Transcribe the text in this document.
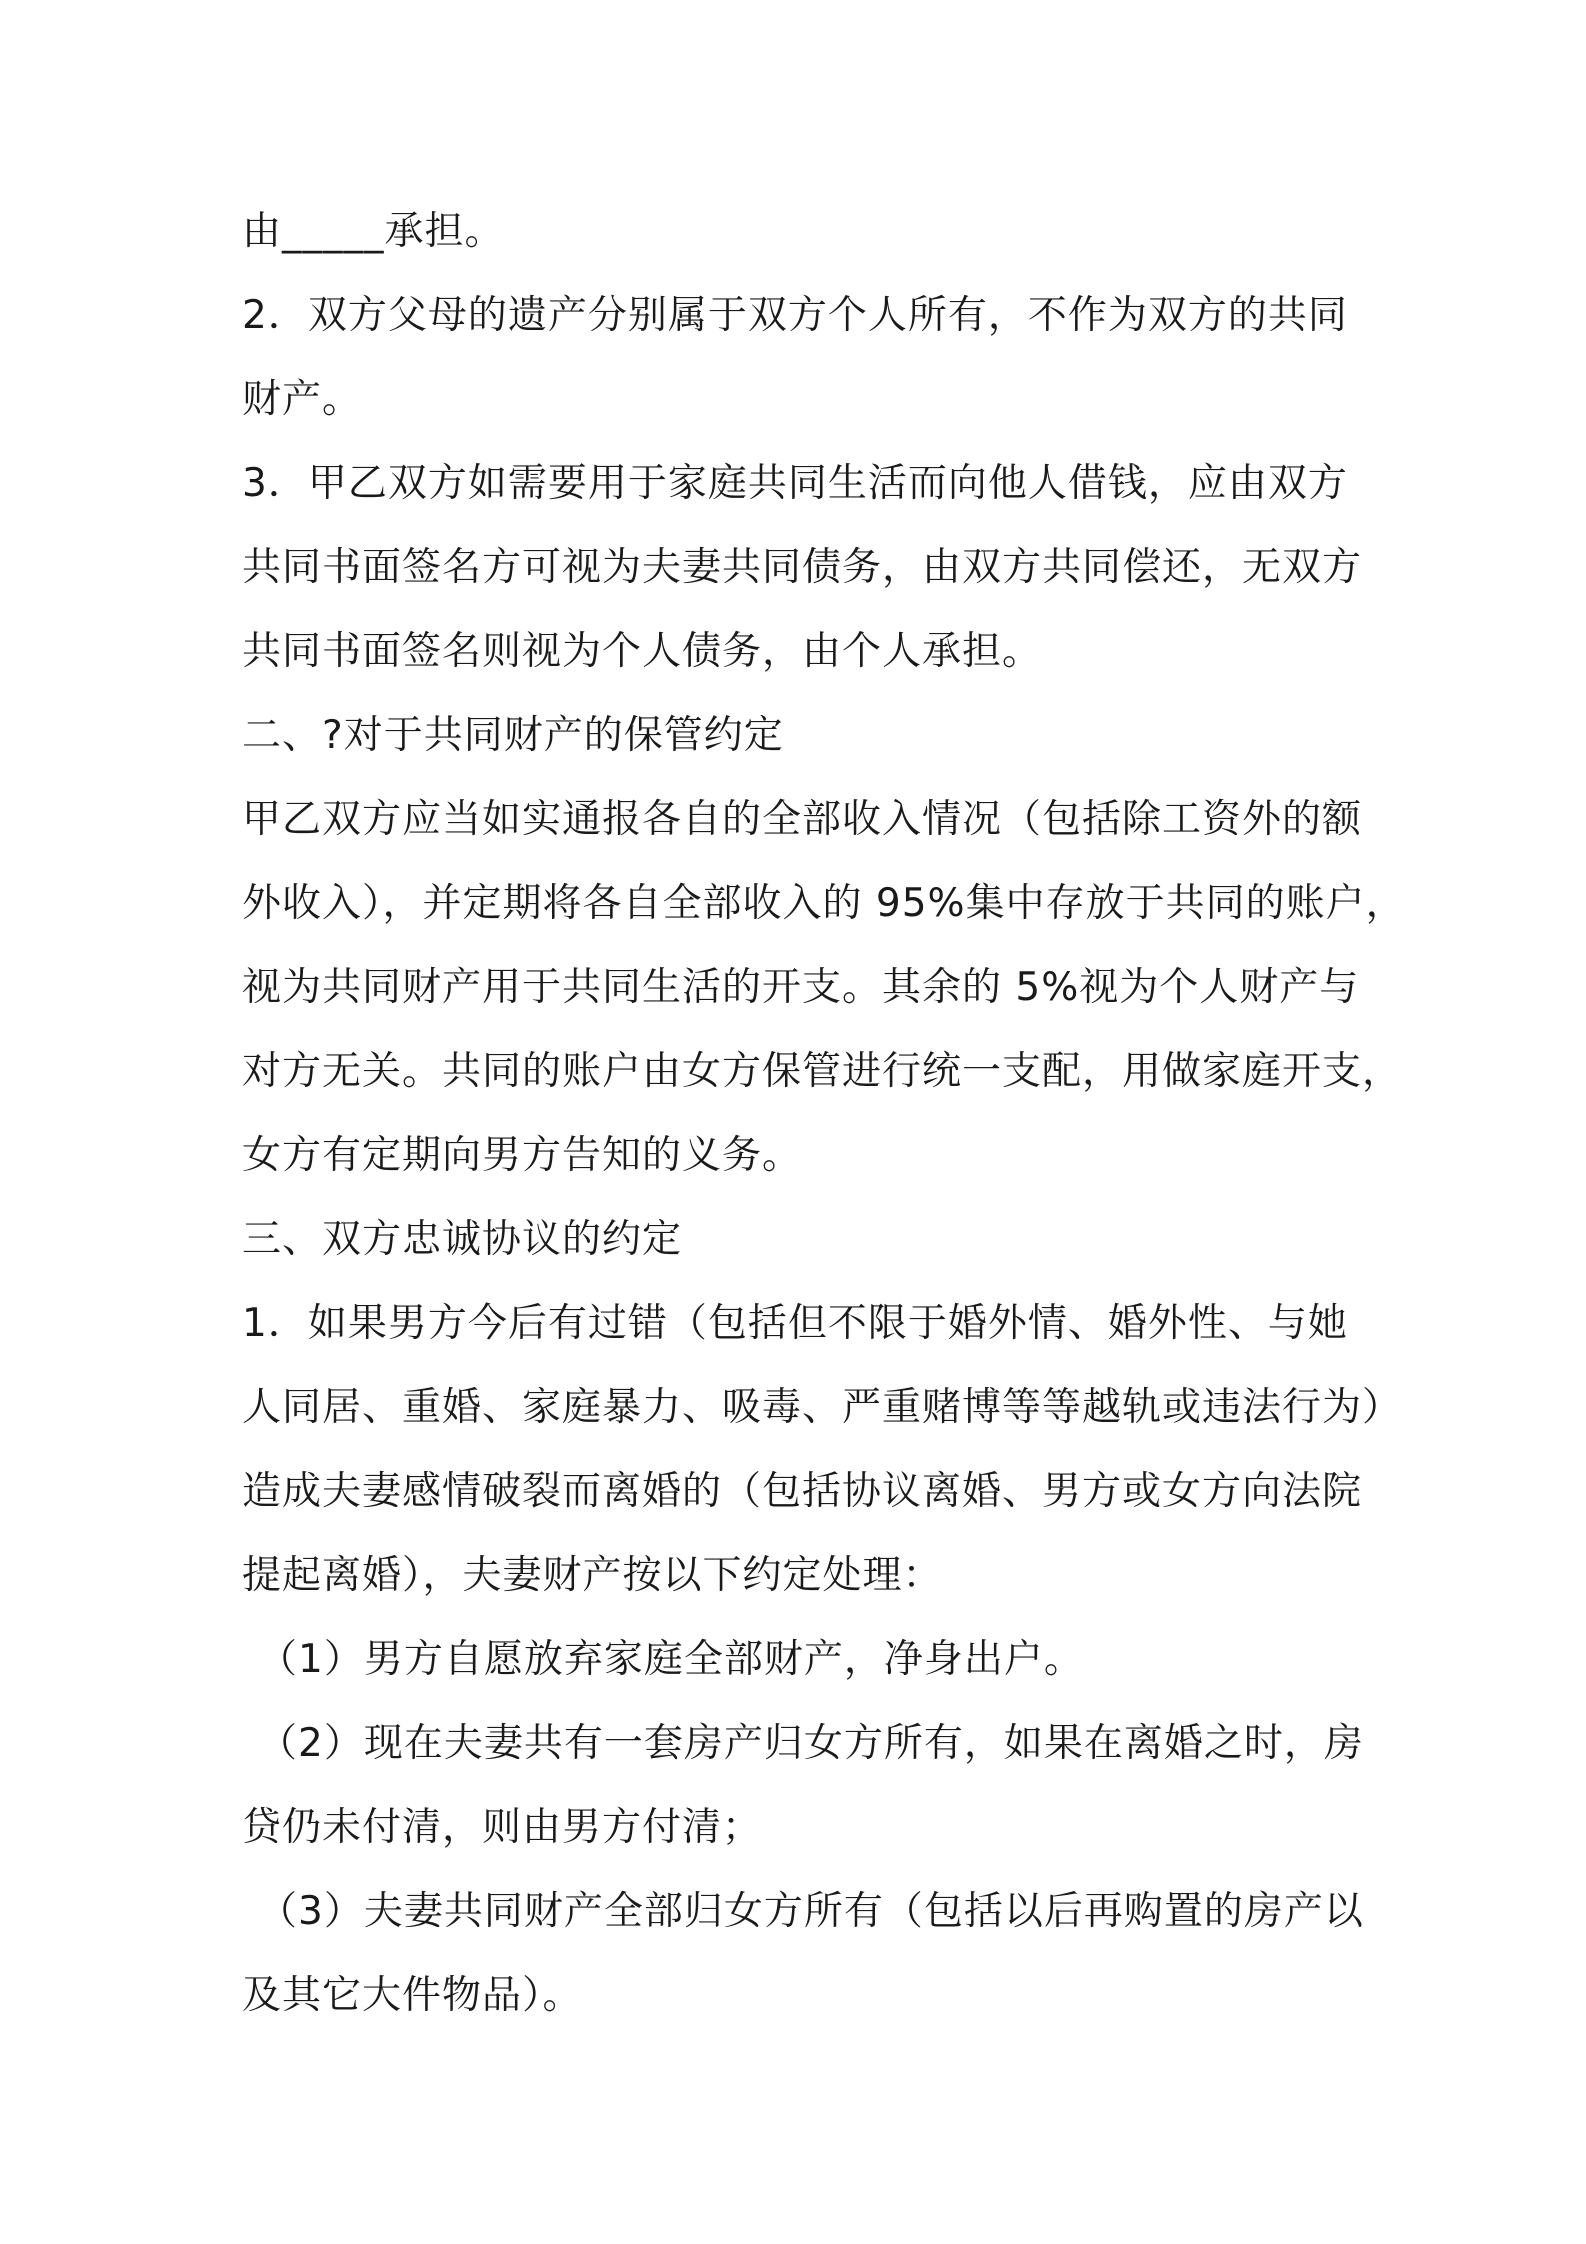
由_____承担。
2．双方父母的遗产分别属于双方个人所有，不作为双方的共同
财产。
3．甲乙双方如需要用于家庭共同生活而向他人借钱，应由双方
共同书面签名方可视为夫妻共同债务，由双方共同偿还，无双方
共同书面签名则视为个人债务，由个人承担。
二、?对于共同财产的保管约定
甲乙双方应当如实通报各自的全部收入情况（包括除工资外的额
外收入），并定期将各自全部收入的 95%集中存放于共同的账户，
视为共同财产用于共同生活的开支。其余的 5%视为个人财产与
对方无关。共同的账户由女方保管进行统一支配，用做家庭开支，
女方有定期向男方告知的义务。
三、双方忠诚协议的约定
1．如果男方今后有过错（包括但不限于婚外情、婚外性、与她
人同居、重婚、家庭暴力、吸毒、严重赌博等等越轨或违法行为）
造成夫妻感情破裂而离婚的（包括协议离婚、男方或女方向法院
提起离婚），夫妻财产按以下约定处理：
（1）男方自愿放弃家庭全部财产，净身出户。
（2）现在夫妻共有一套房产归女方所有，如果在离婚之时，房
贷仍未付清，则由男方付清；
（3）夫妻共同财产全部归女方所有（包括以后再购置的房产以
及其它大件物品）。
